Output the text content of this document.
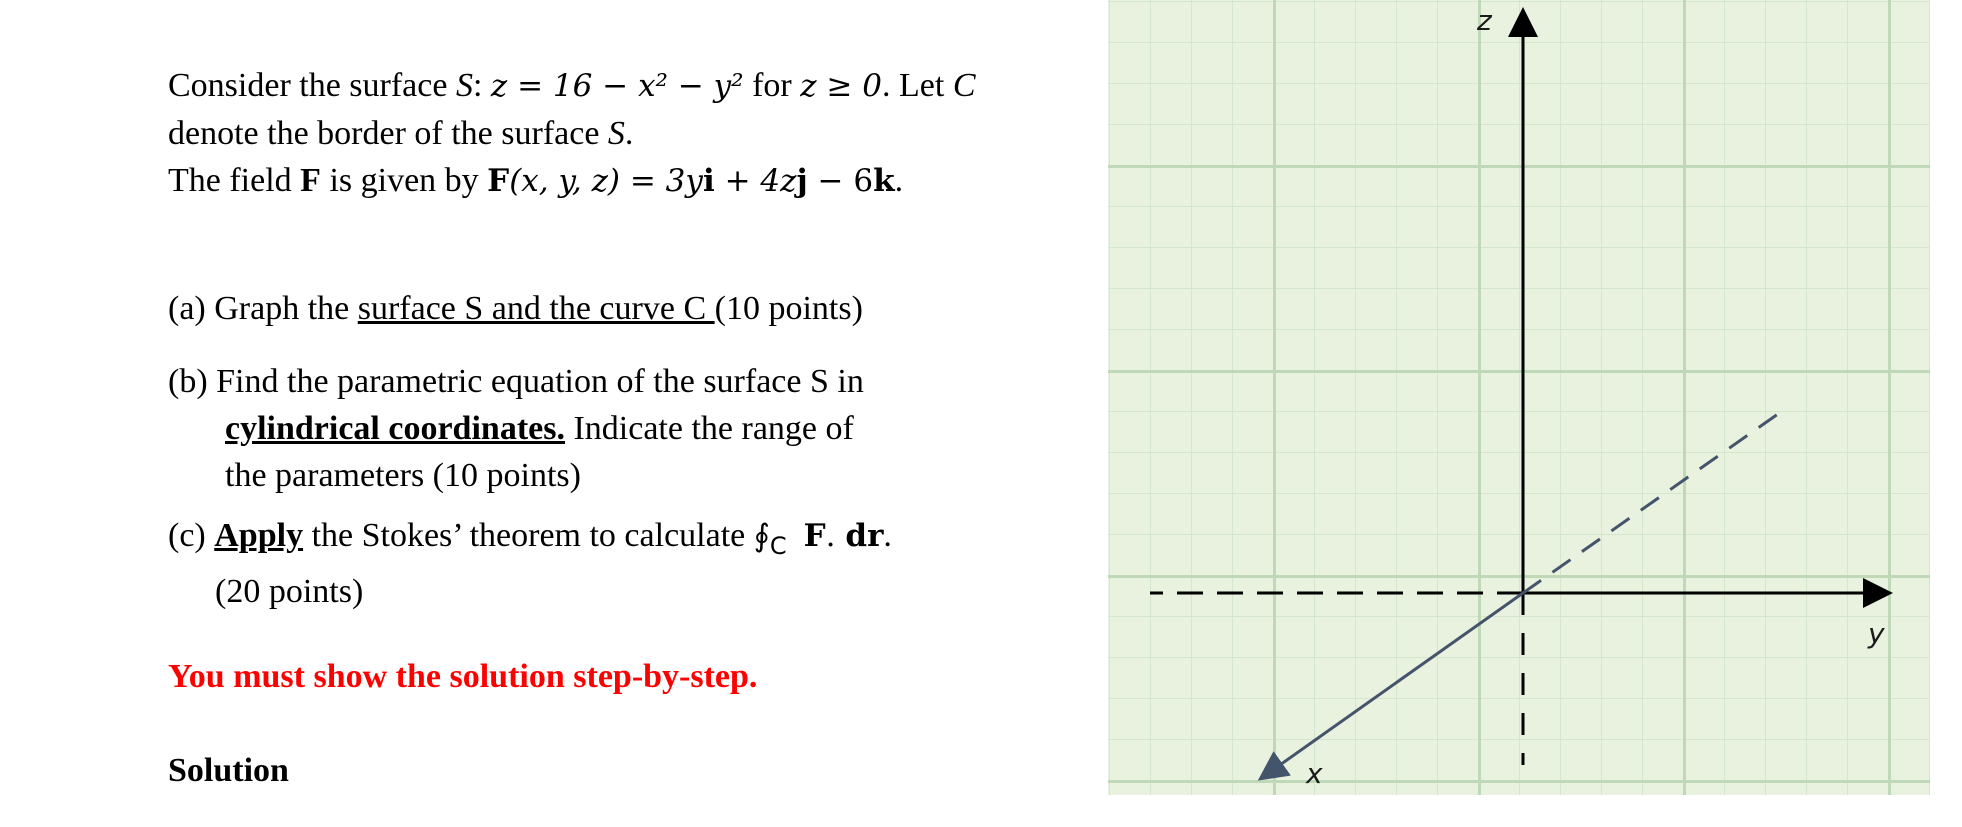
Consider the surface S: z = 16 − x² − y² for z ≥ 0. Let C

denote the border of the surface S.

The field F is given by F(x, y, z) = 3yi + 4zj − 6k.

(a) Graph the surface S and the curve C (10 points)
(b) Find the parametric equation of the surface S in
cylindrical coordinates. Indicate the range of
the parameters (10 points)
(c) Apply the Stokes’ theorem to calculate $∮_C$ F. dr.
(20 points)
You must show the solution step-by-step.
Solution
z
y
x
